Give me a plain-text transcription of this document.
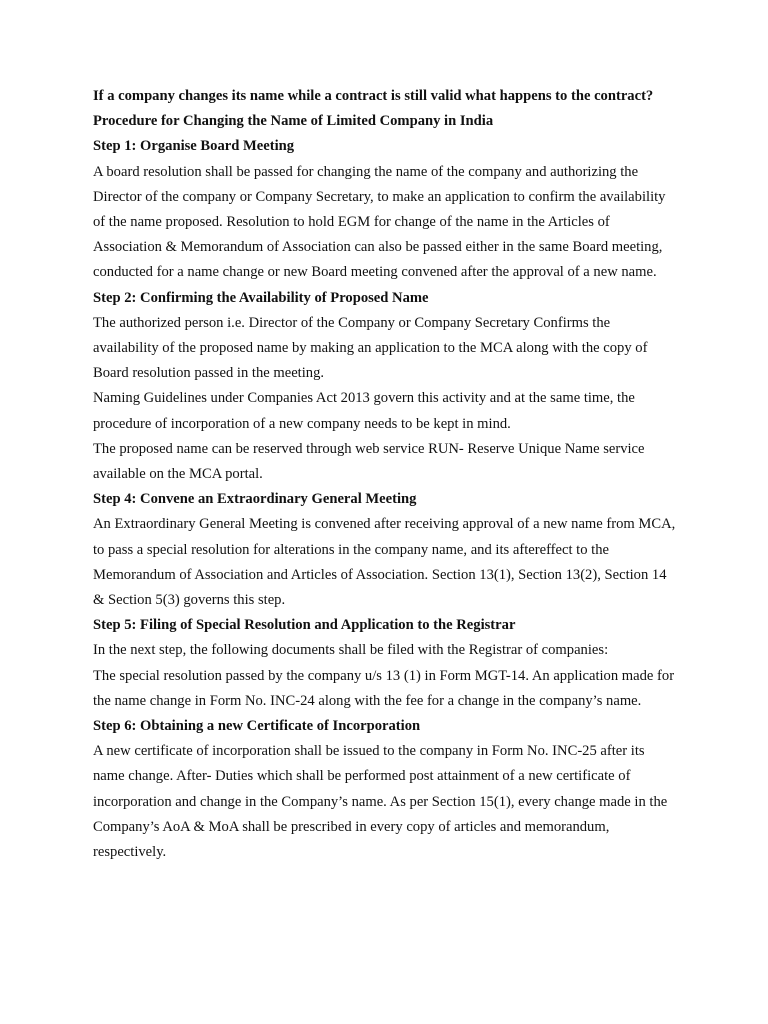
If a company changes its name while a contract is still valid what happens to the contract?

Procedure for Changing the Name of Limited Company in India

Step 1: Organise Board Meeting

A board resolution shall be passed for changing the name of the company and authorizing the Director of the company or Company Secretary, to make an application to confirm the availability of the name proposed. Resolution to hold EGM for change of the name in the Articles of Association & Memorandum of Association can also be passed either in the same Board meeting, conducted for a name change or new Board meeting convened after the approval of a new name.

Step 2: Confirming the Availability of Proposed Name

The authorized person i.e. Director of the Company or Company Secretary Confirms the availability of the proposed name by making an application to the MCA along with the copy of Board resolution passed in the meeting.

Naming Guidelines under Companies Act 2013 govern this activity and at the same time, the procedure of incorporation of a new company needs to be kept in mind.

The proposed name can be reserved through web service RUN- Reserve Unique Name service available on the MCA portal.

Step 4: Convene an Extraordinary General Meeting

An Extraordinary General Meeting is convened after receiving approval of a new name from MCA, to pass a special resolution for alterations in the company name, and its aftereffect to the Memorandum of Association and Articles of Association. Section 13(1), Section 13(2), Section 14 & Section 5(3) governs this step.

Step 5: Filing of Special Resolution and Application to the Registrar

In the next step, the following documents shall be filed with the Registrar of companies:

The special resolution passed by the company u/s 13 (1) in Form MGT-14. An application made for the name change in Form No. INC-24 along with the fee for a change in the company’s name.

Step 6: Obtaining a new Certificate of Incorporation

A new certificate of incorporation shall be issued to the company in Form No. INC-25 after its name change. After- Duties which shall be performed post attainment of a new certificate of incorporation and change in the Company’s name. As per Section 15(1), every change made in the Company’s AoA & MoA shall be prescribed in every copy of articles and memorandum, respectively.
